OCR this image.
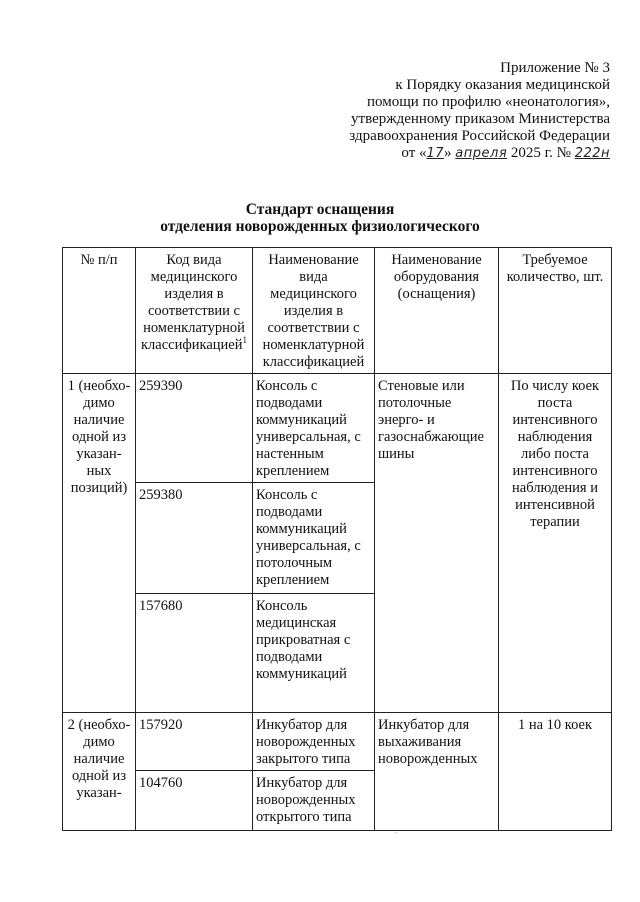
Приложение № 3
к Порядку оказания медицинской
помощи по профилю «неонатология»,
утвержденному приказом Министерства
здравоохранения Российской Федерации
от «17» апреля 2025 г. № 222н
Стандарт оснащения
отделения новорожденных физиологического
№ п/п	Код вида медицинского изделия в соответствии с номенклатурной классификацией$^1$	Наименование вида медицинского изделия в соответствии с номенклатурной классификацией	Наименование оборудования (оснащения)	Требуемое количество, шт.
1 (необхо-димо наличие одной из указан-ных позиций)	259390	Консоль с подводами коммуникаций универсальная, с настенным креплением	Стеновые или потолочные энерго- и газоснабжающие шины	По числу коек поста интенсивного наблюдения либо поста интенсивного наблюдения и интенсивной терапии
	259380	Консоль с подводами коммуникаций универсальная, с потолочным креплением		
	157680	Консоль медицинская прикроватная с подводами коммуникаций		
2 (необхо-димо наличие одной из указан-	157920	Инкубатор для новорожденных закрытого типа	Инкубатор для выхаживания новорожденных	1 на 10 коек
	104760	Инкубатор для новорожденных открытого типа		
.
